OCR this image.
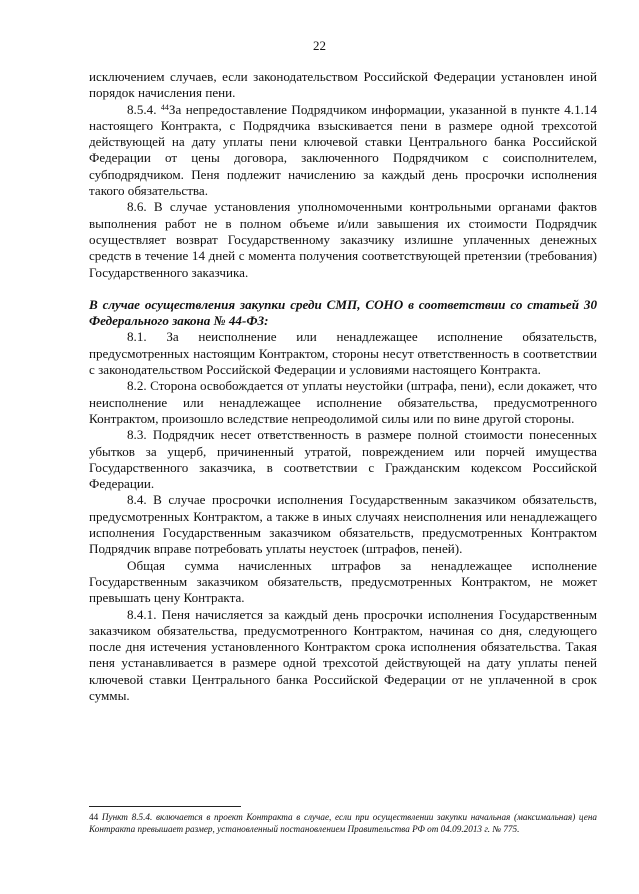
22

исключением случаев, если законодательством Российской Федерации установлен иной порядок начисления пени.

8.5.4. $^{44}$За непредоставление Подрядчиком информации, указанной в пункте 4.1.14 настоящего Контракта, с Подрядчика взыскивается пени в размере одной трехсотой действующей на дату уплаты пени ключевой ставки Центрального банка Российской Федерации от цены договора, заключенного Подрядчиком с соисполнителем, субподрядчиком. Пеня подлежит начислению за каждый день просрочки исполнения такого обязательства.

8.6. В случае установления уполномоченными контрольными органами фактов выполнения работ не в полном объеме и/или завышения их стоимости Подрядчик осуществляет возврат Государственному заказчику излишне уплаченных денежных средств в течение 14 дней с момента получения соответствующей претензии (требования) Государственного заказчика.

В случае осуществления закупки среди СМП, СОНО в соответствии со статьей 30 Федерального закона № 44-ФЗ:

8.1. За неисполнение или ненадлежащее исполнение обязательств, предусмотренных настоящим Контрактом, стороны несут ответственность в соответствии с законодательством Российской Федерации и условиями настоящего Контракта.

8.2. Сторона освобождается от уплаты неустойки (штрафа, пени), если докажет, что неисполнение или ненадлежащее исполнение обязательства, предусмотренного Контрактом, произошло вследствие непреодолимой силы или по вине другой стороны.

8.3. Подрядчик несет ответственность в размере полной стоимости понесенных убытков за ущерб, причиненный утратой, повреждением или порчей имущества Государственного заказчика, в соответствии с Гражданским кодексом Российской Федерации.

8.4. В случае просрочки исполнения Государственным заказчиком обязательств, предусмотренных Контрактом, а также в иных случаях неисполнения или ненадлежащего исполнения Государственным заказчиком обязательств, предусмотренных Контрактом Подрядчик вправе потребовать уплаты неустоек (штрафов, пеней).

Общая сумма начисленных штрафов за ненадлежащее исполнение Государственным заказчиком обязательств, предусмотренных Контрактом, не может превышать цену Контракта.

8.4.1. Пеня начисляется за каждый день просрочки исполнения Государственным заказчиком обязательства, предусмотренного Контрактом, начиная со дня, следующего после дня истечения установленного Контрактом срока исполнения обязательства. Такая пеня устанавливается в размере одной трехсотой действующей на дату уплаты пеней ключевой ставки Центрального банка Российской Федерации от не уплаченной в срок суммы.

44 Пункт 8.5.4. включается в проект Контракта в случае, если при осуществлении закупки начальная (максимальная) цена Контракта превышает размер, установленный постановлением Правительства РФ от 04.09.2013 г. № 775.
